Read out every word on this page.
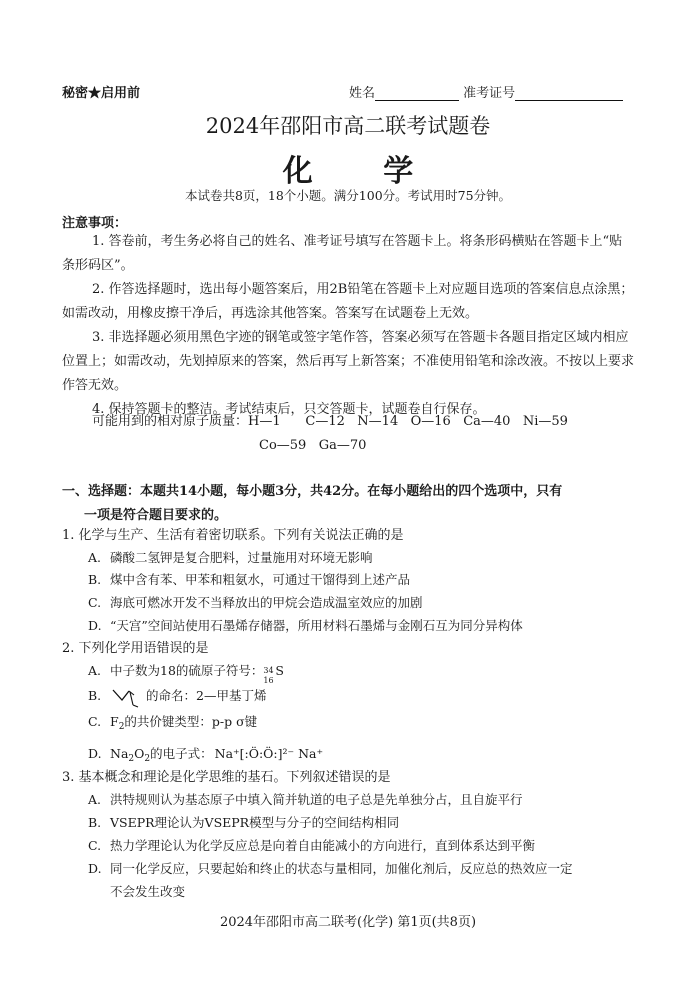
秘密★启用前	姓名	准考证号
2024年邵阳市高二联考试题卷
化 学
本试卷共8页，18个小题。满分100分。考试用时75分钟。
注意事项：
1. 答卷前，考生务必将自己的姓名、准考证号填写在答题卡上。将条形码横贴在答题卡上“贴条形码区”。
2. 作答选择题时，选出每小题答案后，用2B铅笔在答题卡上对应题目选项的答案信息点涂黑；如需改动，用橡皮擦干净后，再选涂其他答案。答案写在试题卷上无效。
3. 非选择题必须用黑色字迹的钢笔或签字笔作答，答案必须写在答题卡各题目指定区域内相应位置上；如需改动，先划掉原来的答案，然后再写上新答案；不准使用铅笔和涂改液。不按以上要求作答无效。
4. 保持答题卡的整洁。考试结束后，只交答题卡，试题卷自行保存。
可能用到的相对原子质量：H—1      C—12   N—14   O—16   Ca—40   Ni—59
Co—59   Ga—70
一、选择题：本题共14小题，每小题3分，共42分。在每小题给出的四个选项中，只有
一项是符合题目要求的。
1. 化学与生产、生活有着密切联系。下列有关说法正确的是
A. 磷酸二氢钾是复合肥料，过量施用对环境无影响
B. 煤中含有苯、甲苯和粗氨水，可通过干馏得到上述产品
C. 海底可燃冰开发不当释放出的甲烷会造成温室效应的加剧
D. “天宫”空间站使用石墨烯存储器，所用材料石墨烯与金刚石互为同分异构体
2. 下列化学用语错误的是
A. 中子数为18的硫原子符号： 34
16
S
B.	的命名：2—甲基丁烯
C. $F_2$的共价键类型：p-p σ键
D. $Na_2O_2$的电子式： Na⁺[:Ö:Ö:]²⁻ Na⁺
3. 基本概念和理论是化学思维的基石。下列叙述错误的是
A. 洪特规则认为基态原子中填入简并轨道的电子总是先单独分占，且自旋平行
B. VSEPR理论认为VSEPR模型与分子的空间结构相同
C. 热力学理论认为化学反应总是向着自由能减小的方向进行，直到体系达到平衡
D. 同一化学反应，只要起始和终止的状态与量相同，加催化剂后，反应总的热效应一定
不会发生改变
2024年邵阳市高二联考(化学) 第1页(共8页)
